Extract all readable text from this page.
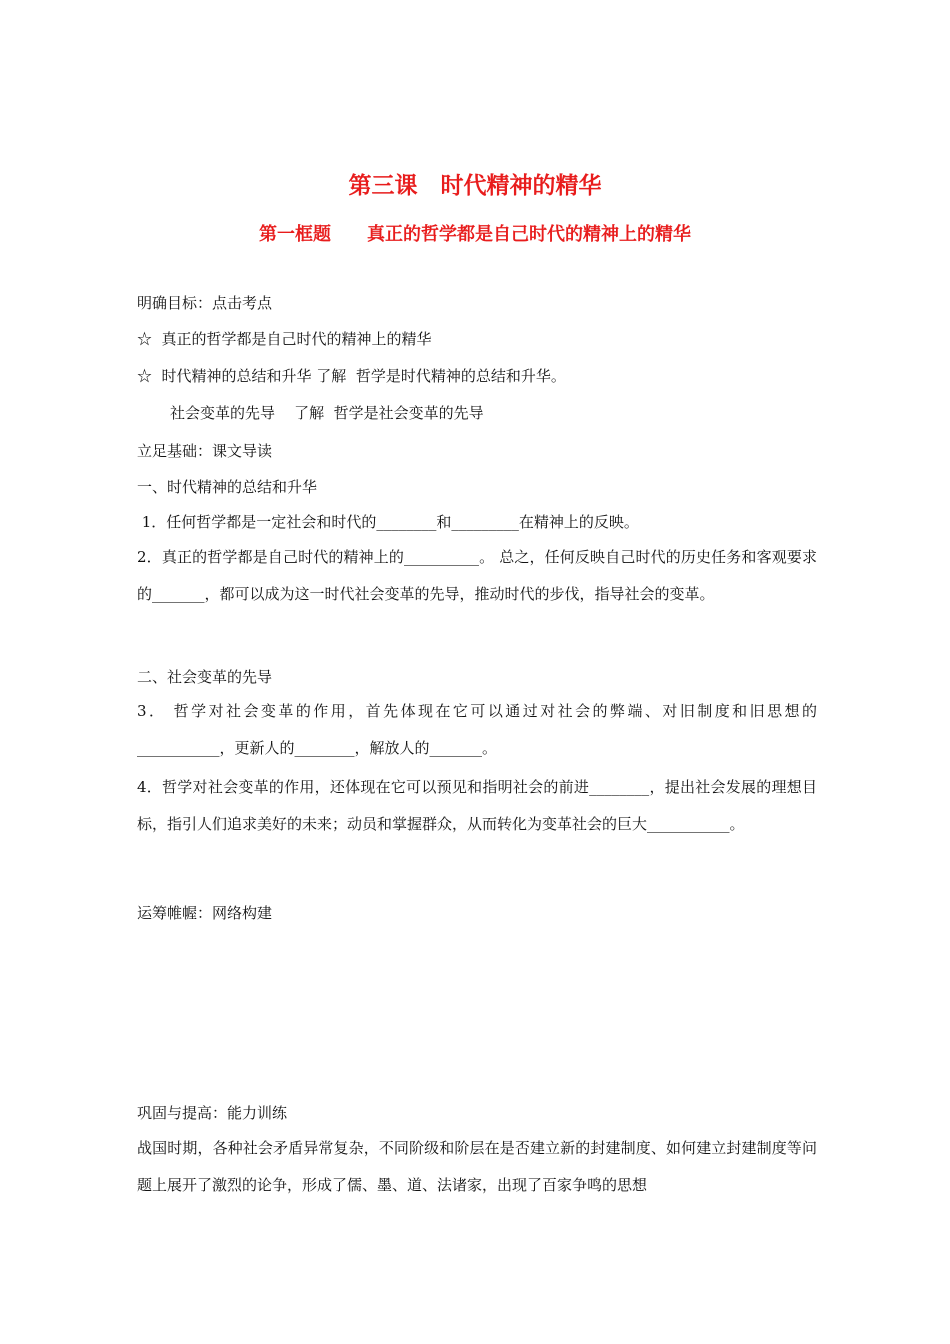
第三课　时代精神的精华
第一框题　　真正的哲学都是自己时代的精神上的精华
明确目标：点击考点
☆  真正的哲学都是自己时代的精神上的精华
☆  时代精神的总结和升华 了解  哲学是时代精神的总结和升华。
社会变革的先导    了解  哲学是社会变革的先导
立足基础：课文导读
一、时代精神的总结和升华
1．任何哲学都是一定社会和时代的________和_________在精神上的反映。
2．真正的哲学都是自己时代的精神上的__________。 总之，任何反映自己时代的历史任务和客观要求的_______，都可以成为这一时代社会变革的先导，推动时代的步伐，指导社会的变革。
二、社会变革的先导
3． 哲学对社会变革的作用，首先体现在它可以通过对社会的弊端、对旧制度和旧思想的___________，更新人的________，解放人的_______。
4．哲学对社会变革的作用，还体现在它可以预见和指明社会的前进________，提出社会发展的理想目标，指引人们追求美好的未来；动员和掌握群众，从而转化为变革社会的巨大___________。
运筹帷幄：网络构建
巩固与提高：能力训练
战国时期，各种社会矛盾异常复杂，不同阶级和阶层在是否建立新的封建制度、如何建立封建制度等问题上展开了激烈的论争，形成了儒、墨、道、法诸家，出现了百家争鸣的思想
